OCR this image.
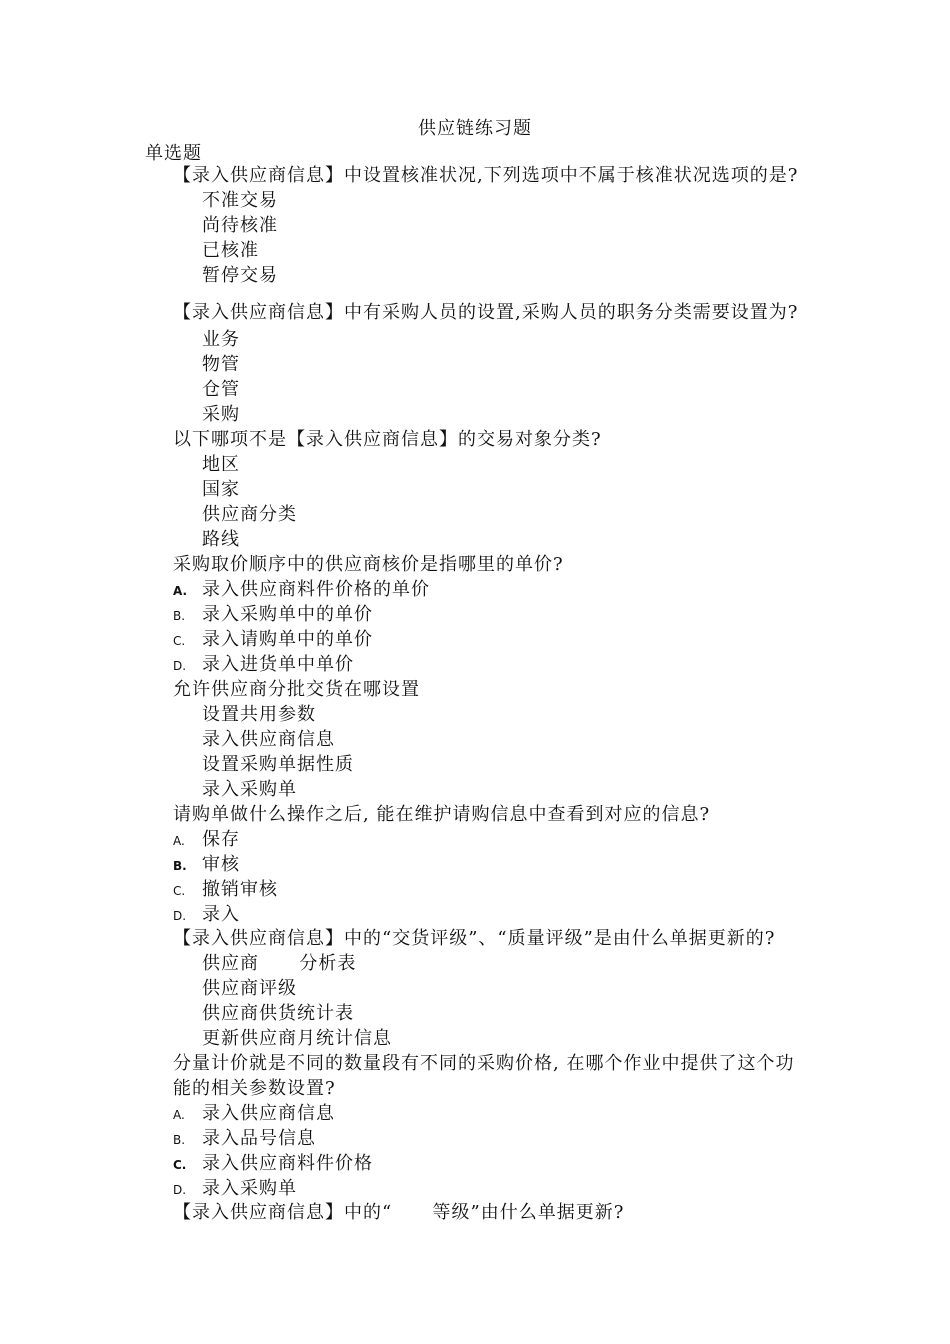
供应链练习题
单选题
【录入供应商信息】中设置核准状况,下列选项中不属于核准状况选项的是?
不准交易
尚待核准
已核准
暂停交易
【录入供应商信息】中有采购人员的设置,采购人员的职务分类需要设置为?
业务
物管
仓管
采购
以下哪项不是【录入供应商信息】的交易对象分类?
地区
国家
供应商分类
路线
采购取价顺序中的供应商核价是指哪里的单价?
A. 录入供应商料件价格的单价
B. 录入采购单中的单价
C. 录入请购单中的单价
D. 录入进货单中单价
允许供应商分批交货在哪设置
设置共用参数
录入供应商信息
设置采购单据性质
录入采购单
请购单做什么操作之后, 能在维护请购信息中查看到对应的信息?
A. 保存
B. 审核
C. 撤销审核
D. 录入
【录入供应商信息】中的“交货评级”、“质量评级”是由什么单据更新的?
供应商      分析表
供应商评级
供应商供货统计表
更新供应商月统计信息
分量计价就是不同的数量段有不同的采购价格, 在哪个作业中提供了这个功
能的相关参数设置?
A. 录入供应商信息
B. 录入品号信息
C. 录入供应商料件价格
D. 录入采购单
【录入供应商信息】中的“      等级”由什么单据更新?
